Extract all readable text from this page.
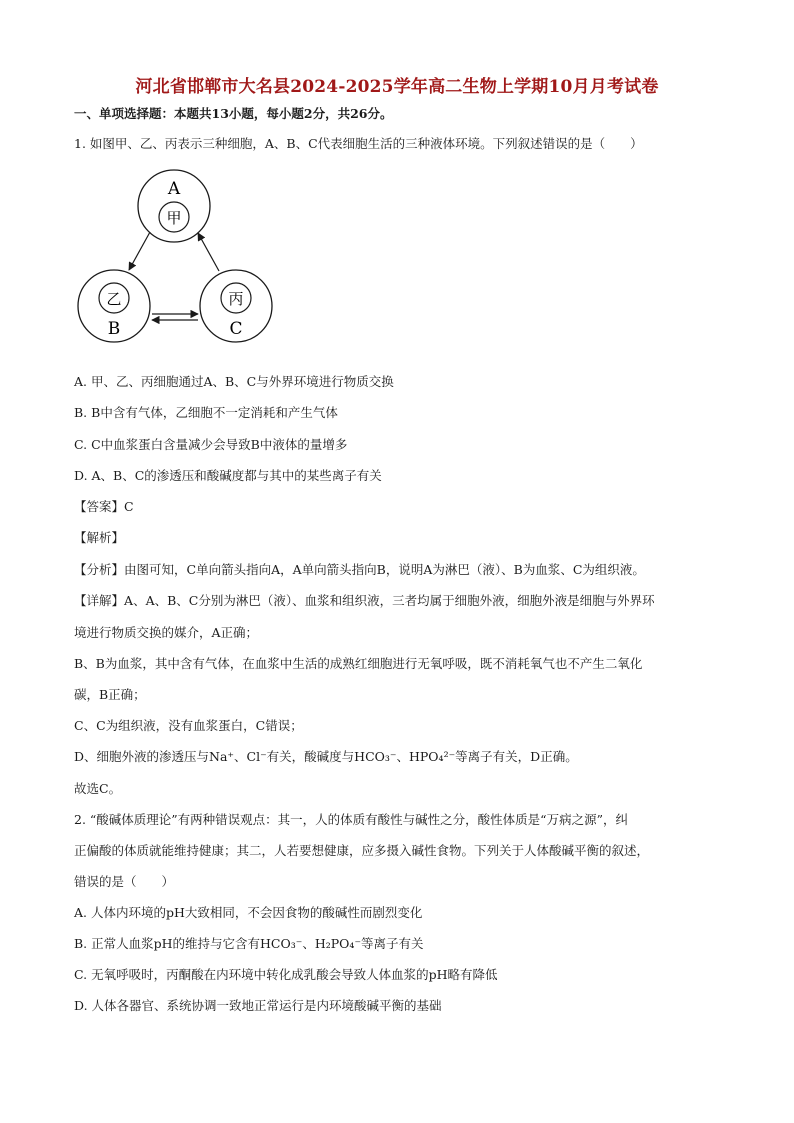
河北省邯郸市大名县2024-2025学年高二生物上学期10月月考试卷
一、单项选择题：本题共13小题，每小题2分，共26分。
1. 如图甲、乙、丙表示三种细胞，A、B、C代表细胞生活的三种液体环境。下列叙述错误的是（　　）
A
甲
乙
B
丙
C
A. 甲、乙、丙细胞通过A、B、C与外界环境进行物质交换
B. B中含有气体，乙细胞不一定消耗和产生气体
C. C中血浆蛋白含量减少会导致B中液体的量增多
D. A、B、C的渗透压和酸碱度都与其中的某些离子有关
【答案】C
【解析】
【分析】由图可知，C单向箭头指向A，A单向箭头指向B，说明A为淋巴（液）、B为血浆、C为组织液。
【详解】A、A、B、C分别为淋巴（液）、血浆和组织液，三者均属于细胞外液，细胞外液是细胞与外界环
境进行物质交换的媒介，A正确；
B、B为血浆，其中含有气体，在血浆中生活的成熟红细胞进行无氧呼吸，既不消耗氧气也不产生二氧化
碳，B正确；
C、C为组织液，没有血浆蛋白，C错误；
D、细胞外液的渗透压与Na⁺、Cl⁻有关，酸碱度与HCO₃⁻、HPO₄²⁻等离子有关，D正确。
故选C。
2. “酸碱体质理论”有两种错误观点：其一，人的体质有酸性与碱性之分，酸性体质是“万病之源”，纠
正偏酸的体质就能维持健康；其二，人若要想健康，应多摄入碱性食物。下列关于人体酸碱平衡的叙述，
错误的是（　　）
A. 人体内环境的pH大致相同，不会因食物的酸碱性而剧烈变化
B. 正常人血浆pH的维持与它含有HCO₃⁻、H₂PO₄⁻等离子有关
C. 无氧呼吸时，丙酮酸在内环境中转化成乳酸会导致人体血浆的pH略有降低
D. 人体各器官、系统协调一致地正常运行是内环境酸碱平衡的基础
